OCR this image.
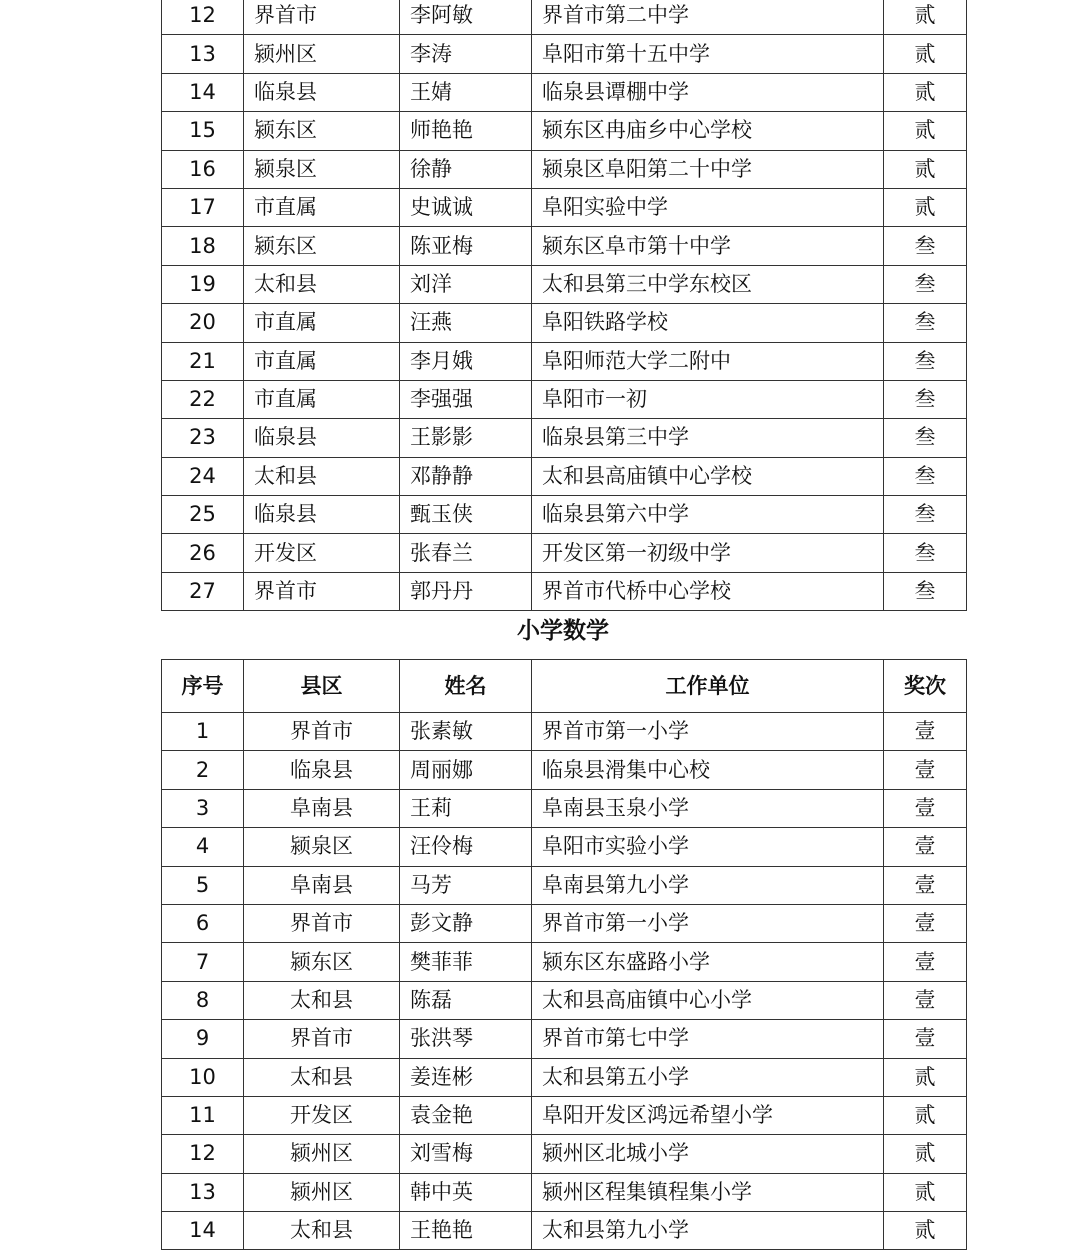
12	界首市	李阿敏	界首市第二中学	贰
13	颍州区	李涛	阜阳市第十五中学	贰
14	临泉县	王婧	临泉县谭棚中学	贰
15	颍东区	师艳艳	颍东区冉庙乡中心学校	贰
16	颍泉区	徐静	颍泉区阜阳第二十中学	贰
17	市直属	史诚诚	阜阳实验中学	贰
18	颍东区	陈亚梅	颍东区阜市第十中学	叁
19	太和县	刘洋	太和县第三中学东校区	叁
20	市直属	汪燕	阜阳铁路学校	叁
21	市直属	李月娥	阜阳师范大学二附中	叁
22	市直属	李强强	阜阳市一初	叁
23	临泉县	王影影	临泉县第三中学	叁
24	太和县	邓静静	太和县高庙镇中心学校	叁
25	临泉县	甄玉侠	临泉县第六中学	叁
26	开发区	张春兰	开发区第一初级中学	叁
27	界首市	郭丹丹	界首市代桥中心学校	叁
小学数学
序号	县区	姓名	工作单位	奖次
1	界首市	张素敏	界首市第一小学	壹
2	临泉县	周丽娜	临泉县滑集中心校	壹
3	阜南县	王莉	阜南县玉泉小学	壹
4	颍泉区	汪伶梅	阜阳市实验小学	壹
5	阜南县	马芳	阜南县第九小学	壹
6	界首市	彭文静	界首市第一小学	壹
7	颍东区	樊菲菲	颍东区东盛路小学	壹
8	太和县	陈磊	太和县高庙镇中心小学	壹
9	界首市	张洪琴	界首市第七中学	壹
10	太和县	姜连彬	太和县第五小学	贰
11	开发区	袁金艳	阜阳开发区鸿远希望小学	贰
12	颍州区	刘雪梅	颍州区北城小学	贰
13	颍州区	韩中英	颍州区程集镇程集小学	贰
14	太和县	王艳艳	太和县第九小学	贰
